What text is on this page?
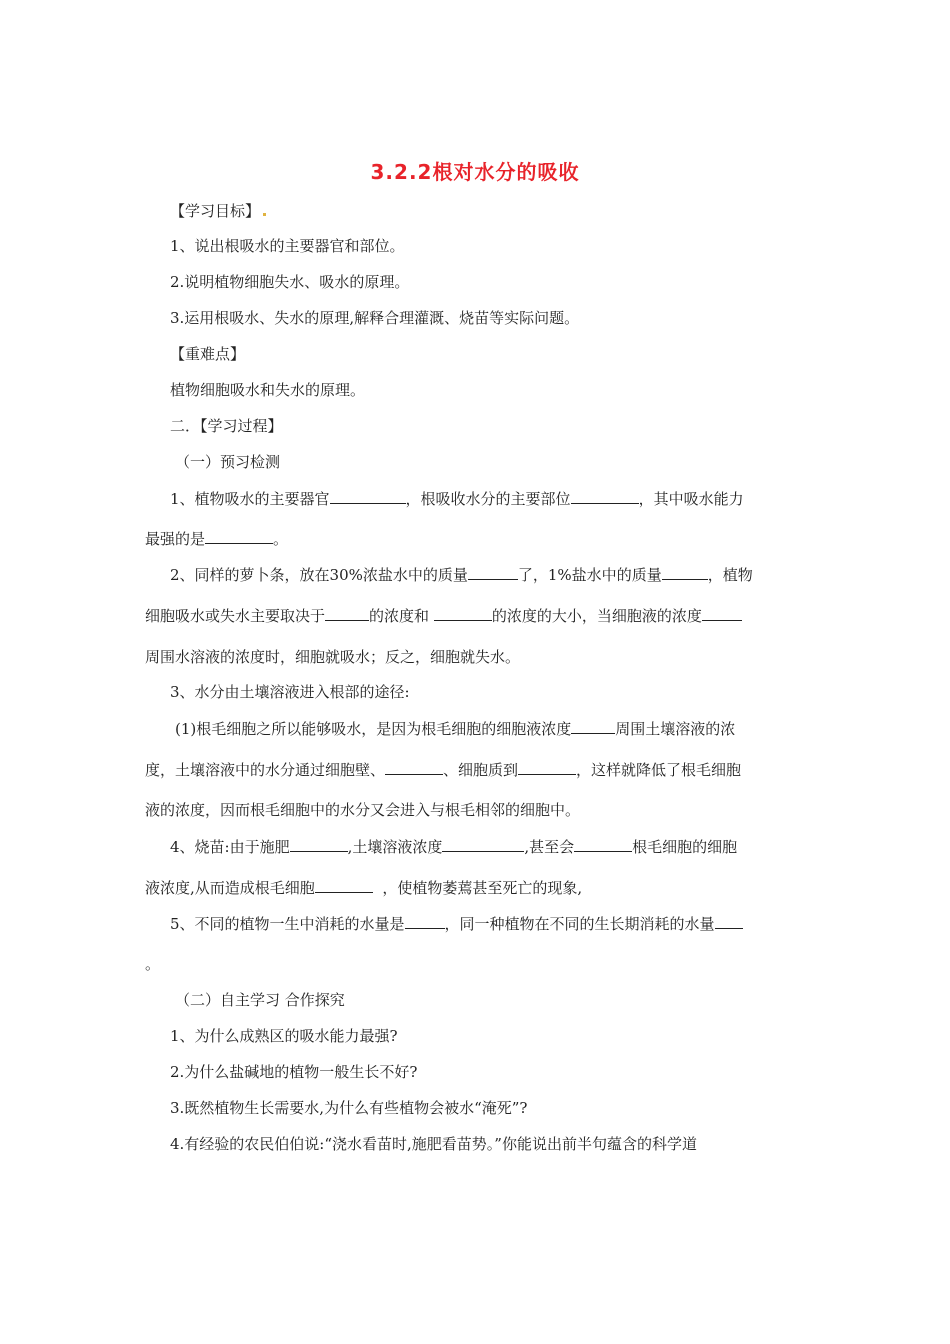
3.2.2根对水分的吸收
【学习目标】
1、说出根吸水的主要器官和部位。
2.说明植物细胞失水、吸水的原理。
3.运用根吸水、失水的原理,解释合理灌溉、烧苗等实际问题。
【重难点】
植物细胞吸水和失水的原理。
二．【学习过程】
（一）预习检测
1、植物吸水的主要器官	，根吸收水分的主要部位	，其中吸水能力
最强的是	。
2、同样的萝卜条，放在30%浓盐水中的质量	了，1%盐水中的质量	，植物
细胞吸水或失水主要取决于	的浓度和	的浓度的大小，当细胞液的浓度
周围水溶液的浓度时，细胞就吸水；反之，细胞就失水。
3、水分由土壤溶液进入根部的途径:
(1)根毛细胞之所以能够吸水，是因为根毛细胞的细胞液浓度	周围土壤溶液的浓
度，土壤溶液中的水分通过细胞壁、	、细胞质到	，这样就降低了根毛细胞
液的浓度，因而根毛细胞中的水分又会进入与根毛相邻的细胞中。
4、烧苗:由于施肥	,土壤溶液浓度	,甚至会	根毛细胞的细胞
液浓度,从而造成根毛细胞	，使植物萎蔫甚至死亡的现象,
5、不同的植物一生中消耗的水量是	，同一种植物在不同的生长期消耗的水量
。
（二）自主学习 合作探究
1、为什么成熟区的吸水能力最强?
2.为什么盐碱地的植物一般生长不好?
3.既然植物生长需要水,为什么有些植物会被水“淹死”?
4.有经验的农民伯伯说:“浇水看苗时,施肥看苗势。”你能说出前半句蕴含的科学道
